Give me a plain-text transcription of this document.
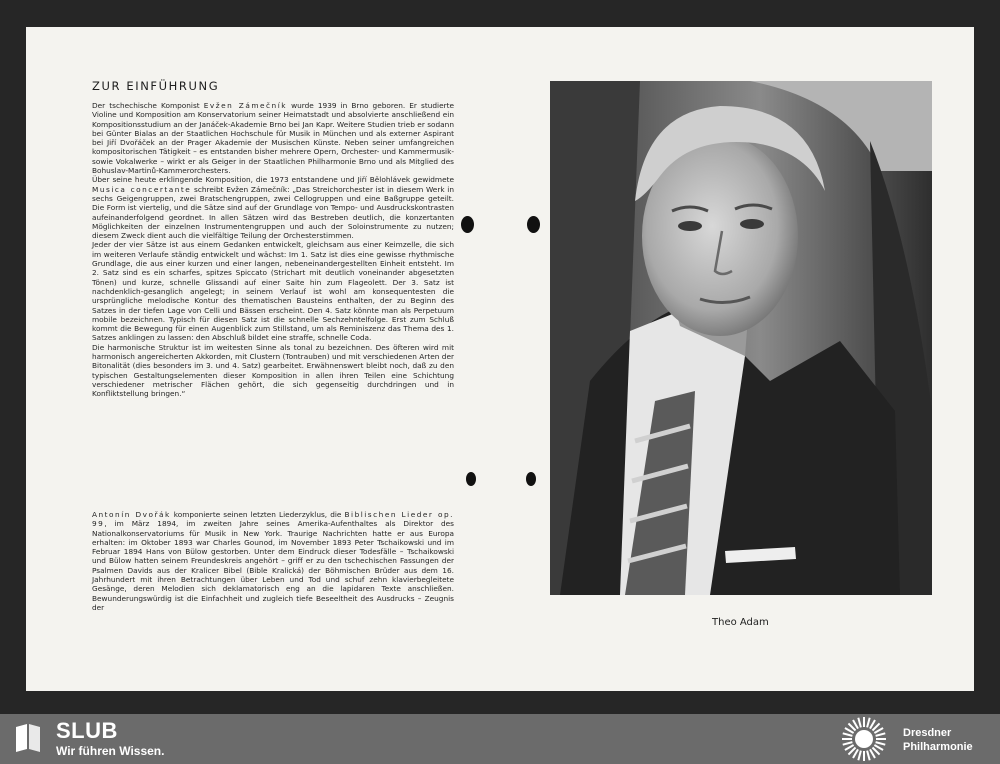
ZUR EINFÜHRUNG

Der tschechische Komponist Evžen Zámečník wurde 1939 in Brno geboren. Er studierte Violine und Komposition am Konservatorium seiner Heimatstadt und absolvierte anschließend ein Kompositionsstudium an der Janáček-Akademie Brno bei Jan Kapr. Weitere Studien trieb er sodann bei Günter Bialas an der Staatlichen Hochschule für Musik in München und als externer Aspirant bei Jiří Dvořáček an der Prager Akademie der Musischen Künste. Neben seiner umfangreichen kompositorischen Tätigkeit – es entstanden bisher mehrere Opern, Orchester- und Kammermusik- sowie Vokalwerke – wirkt er als Geiger in der Staatlichen Philharmonie Brno und als Mitglied des Bohuslav-Martinů-Kammerorchesters.

Über seine heute erklingende Komposition, die 1973 entstandene und Jiří Bělohlávek gewidmete Musica concertante schreibt Evžen Zámečník: „Das Streichorchester ist in diesem Werk in sechs Geigengruppen, zwei Bratschengruppen, zwei Cellogruppen und eine Baßgruppe geteilt. Die Form ist viertelig, und die Sätze sind auf der Grundlage von Tempo- und Ausdruckskontrasten aufeinanderfolgend geordnet. In allen Sätzen wird das Bestreben deutlich, die konzertanten Möglichkeiten der einzelnen Instrumentengruppen und auch der Soloinstrumente zu nutzen; diesem Zweck dient auch die vielfältige Teilung der Orchesterstimmen.

Jeder der vier Sätze ist aus einem Gedanken entwickelt, gleichsam aus einer Keimzelle, die sich im weiteren Verlaufe ständig entwickelt und wächst: Im 1. Satz ist dies eine gewisse rhythmische Grundlage, die aus einer kurzen und einer langen, nebeneinandergestellten Einheit entsteht. Im 2. Satz sind es ein scharfes, spitzes Spiccato (Strichart mit deutlich voneinander abgesetzten Tönen) und kurze, schnelle Glissandi auf einer Saite hin zum Flageolett. Der 3. Satz ist nachdenklich-gesanglich angelegt; in seinem Verlauf ist wohl am konsequentesten die ursprüngliche melodische Kontur des thematischen Bausteins enthalten, der zu Beginn des Satzes in der tiefen Lage von Celli und Bässen erscheint. Den 4. Satz könnte man als Perpetuum mobile bezeichnen. Typisch für diesen Satz ist die schnelle Sechzehntelfolge. Erst zum Schluß kommt die Bewegung für einen Augenblick zum Stillstand, um als Reminiszenz das Thema des 1. Satzes anklingen zu lassen: den Abschluß bildet eine straffe, schnelle Coda.

Die harmonische Struktur ist im weitesten Sinne als tonal zu bezeichnen. Des öfteren wird mit harmonisch angereicherten Akkorden, mit Clustern (Tontrauben) und mit verschiedenen Arten der Bitonalität (dies besonders im 3. und 4. Satz) gearbeitet. Erwähnenswert bleibt noch, daß zu den typischen Gestaltungselementen dieser Komposition in allen ihren Teilen eine Schichtung verschiedener metrischer Flächen gehört, die sich gegenseitig durchdringen und in Konfliktstellung bringen.“

Antonín Dvořák komponierte seinen letzten Liederzyklus, die Biblischen Lieder op. 99, im März 1894, im zweiten Jahre seines Amerika-Aufenthaltes als Direktor des Nationalkonservatoriums für Musik in New York. Traurige Nachrichten hatte er aus Europa erhalten: im Oktober 1893 war Charles Gounod, im November 1893 Peter Tschaikowski und im Februar 1894 Hans von Bülow gestorben. Unter dem Eindruck dieser Todesfälle – Tschaikowski und Bülow hatten seinem Freundeskreis angehört – griff er zu den tschechischen Fassungen der Psalmen Davids aus der Kralicer Bibel (Bible Kralická) der Böhmischen Brüder aus dem 16. Jahrhundert mit ihren Betrachtungen über Leben und Tod und schuf zehn klavierbegleitete Gesänge, deren Melodien sich deklamatorisch eng an die lapidaren Texte anschließen. Bewunderungswürdig ist die Einfachheit und zugleich tiefe Beseeltheit des Ausdrucks – Zeugnis der

Theo Adam
SLUB
Wir führen Wissen.
Dresdner
Philharmonie
